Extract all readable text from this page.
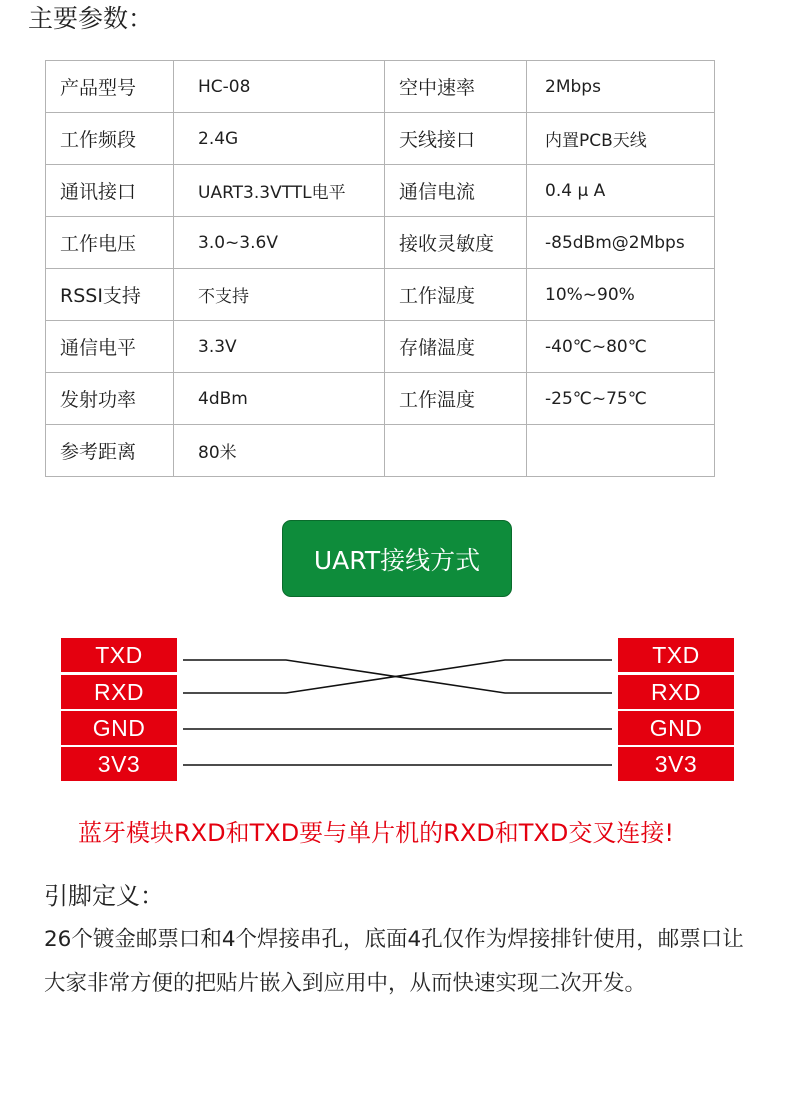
主要参数：
产品型号	HC-08	空中速率	2Mbps
工作频段	2.4G	天线接口	内置PCB天线
通讯接口	UART3.3VTTL电平	通信电流	0.4 μ A
工作电压	3.0~3.6V	接收灵敏度	-85dBm@2Mbps
RSSI支持	不支持	工作湿度	10%~90%
通信电平	3.3V	存储温度	-40℃~80℃
发射功率	4dBm	工作温度	-25℃~75℃
参考距离	80米		
UART接线方式
TXD
RXD
GND
3V3
TXD
RXD
GND
3V3
蓝牙模块RXD和TXD要与单片机的RXD和TXD交叉连接!
引脚定义：
26个镀金邮票口和4个焊接串孔，底面4孔仅作为焊接排针使用，邮票口让大家非常方便的把贴片嵌入到应用中，从而快速实现二次开发。
